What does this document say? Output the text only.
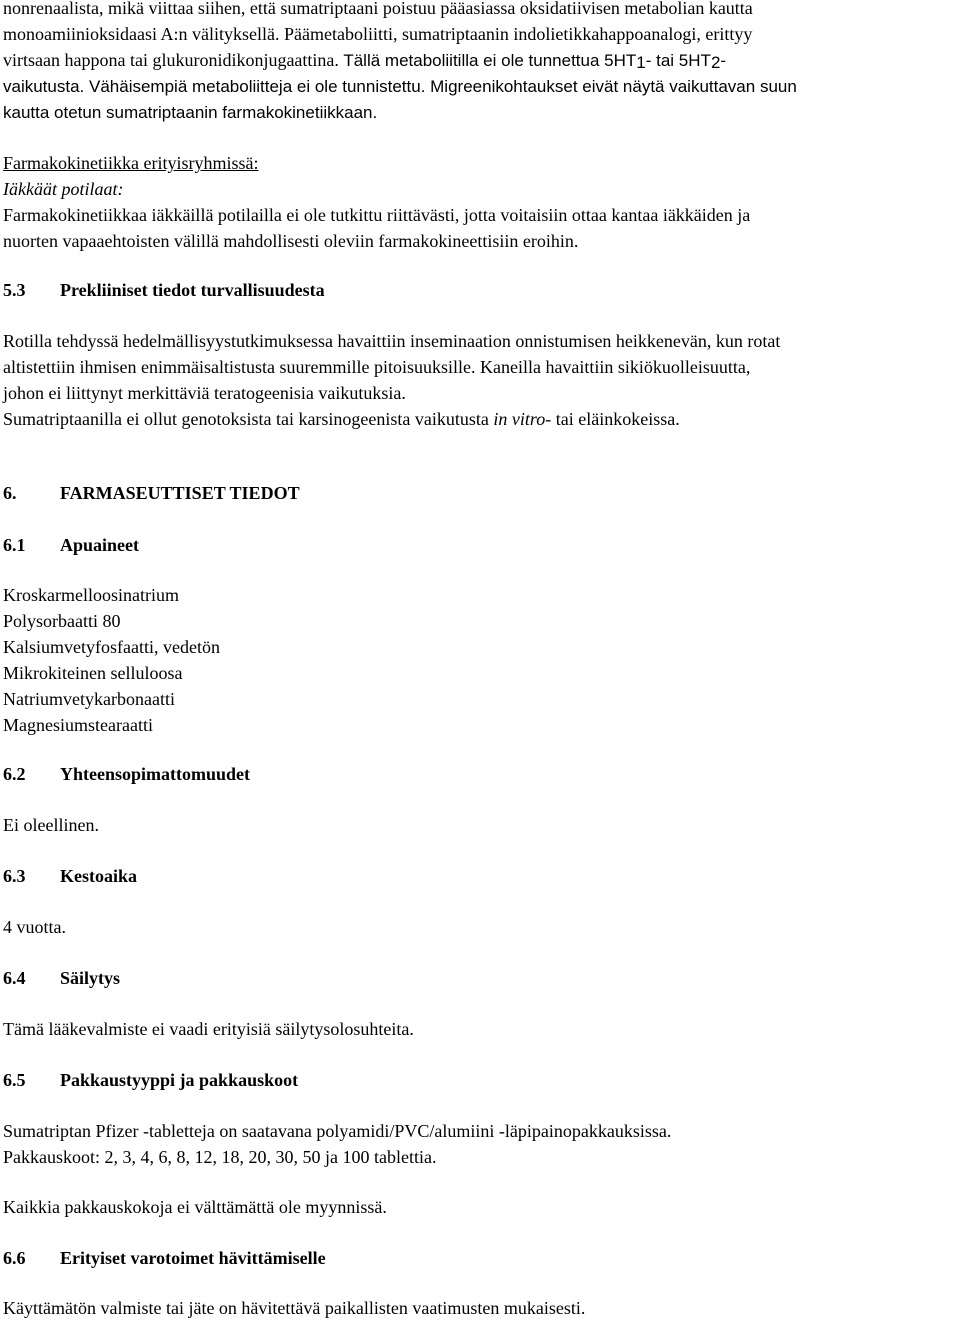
nonrenaalista, mikä viittaa siihen, että sumatriptaani poistuu pääasiassa oksidatiivisen metabolian kautta
monoamiinioksidaasi A:n välityksellä. Päämetaboliitti, sumatriptaanin indolietikkahappoanalogi, erittyy
virtsaan happona tai glukuronidikonjugaattina. Tällä metaboliitilla ei ole tunnettua $5HT_1-$ tai $5HT_2-$
vaikutusta. Vähäisempiä metaboliitteja ei ole tunnistettu. Migreenikohtaukset eivät näytä vaikuttavan suun
kautta otetun sumatriptaanin farmakokinetiikkaan.

Farmakokinetiikka erityisryhmissä:
Iäkkäät potilaat:
Farmakokinetiikkaa iäkkäillä potilailla ei ole tutkittu riittävästi, jotta voitaisiin ottaa kantaa iäkkäiden ja
nuorten vapaaehtoisten välillä mahdollisesti oleviin farmakokineettisiin eroihin.

5.3 Prekliiniset tiedot turvallisuudesta

Rotilla tehdyssä hedelmällisyystutkimuksessa havaittiin inseminaation onnistumisen heikkenevän, kun rotat
altistettiin ihmisen enimmäisaltistusta suuremmille pitoisuuksille. Kaneilla havaittiin sikiökuolleisuutta,
johon ei liittynyt merkittäviä teratogeenisia vaikutuksia.
Sumatriptaanilla ei ollut genotoksista tai karsinogeenista vaikutusta in vitro- tai eläinkokeissa.

6. FARMASEUTTISET TIEDOT
6.1 Apuaineet

Kroskarmelloosinatrium
Polysorbaatti 80
Kalsiumvetyfosfaatti, vedetön
Mikrokiteinen selluloosa
Natriumvetykarbonaatti
Magnesiumstearaatti

6.2 Yhteensopimattomuudet

Ei oleellinen.

6.3 Kestoaika

4 vuotta.

6.4 Säilytys

Tämä lääkevalmiste ei vaadi erityisiä säilytysolosuhteita.

6.5 Pakkaustyyppi ja pakkauskoot

Sumatriptan Pfizer -tabletteja on saatavana polyamidi/PVC/alumiini -läpipainopakkauksissa.
Pakkauskoot: 2, 3, 4, 6, 8, 12, 18, 20, 30, 50 ja 100 tablettia.

Kaikkia pakkauskokoja ei välttämättä ole myynnissä.

6.6 Erityiset varotoimet hävittämiselle

Käyttämätön valmiste tai jäte on hävitettävä paikallisten vaatimusten mukaisesti.
